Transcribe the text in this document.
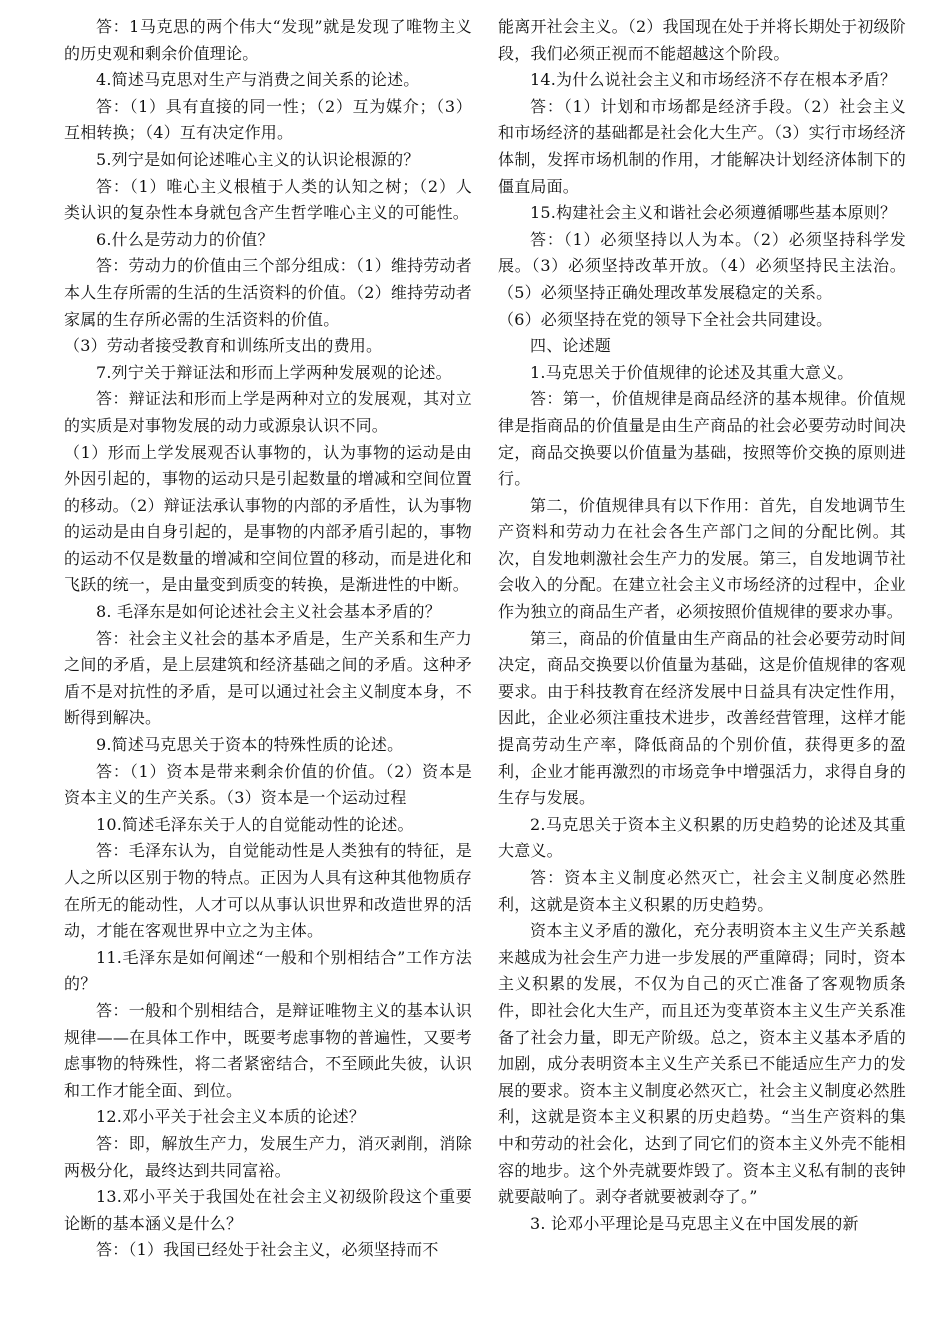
答：1马克思的两个伟大“发现”就是发现了唯物主义的历史观和剩余价值理论。

4.简述马克思对生产与消费之间关系的论述。

答：（1）具有直接的同一性；（2）互为媒介；（3）互相转换；（4）互有决定作用。

5.列宁是如何论述唯心主义的认识论根源的？

答：（1）唯心主义根植于人类的认知之树；（2）人类认识的复杂性本身就包含产生哲学唯心主义的可能性。

6.什么是劳动力的价值？

答：劳动力的价值由三个部分组成：（1）维持劳动者本人生存所需的生活的生活资料的价值。（2）维持劳动者家属的生存所必需的生活资料的价值。

（3）劳动者接受教育和训练所支出的费用。

7.列宁关于辩证法和形而上学两种发展观的论述。

答：辩证法和形而上学是两种对立的发展观，其对立的实质是对事物发展的动力或源泉认识不同。

（1）形而上学发展观否认事物的，认为事物的运动是由外因引起的，事物的运动只是引起数量的增减和空间位置的移动。（2）辩证法承认事物的内部的矛盾性，认为事物的运动是由自身引起的，是事物的内部矛盾引起的，事物的运动不仅是数量的增减和空间位置的移动，而是进化和飞跃的统一，是由量变到质变的转换，是渐进性的中断。

8. 毛泽东是如何论述社会主义社会基本矛盾的？

答：社会主义社会的基本矛盾是，生产关系和生产力之间的矛盾，是上层建筑和经济基础之间的矛盾。这种矛盾不是对抗性的矛盾，是可以通过社会主义制度本身，不断得到解决。

9.简述马克思关于资本的特殊性质的论述。

答：（1）资本是带来剩余价值的价值。（2）资本是资本主义的生产关系。（3）资本是一个运动过程

10.简述毛泽东关于人的自觉能动性的论述。

答：毛泽东认为，自觉能动性是人类独有的特征，是人之所以区别于物的特点。正因为人具有这种其他物质存在所无的能动性，人才可以从事认识世界和改造世界的活动，才能在客观世界中立之为主体。

11.毛泽东是如何阐述“一般和个别相结合”工作方法的？

答：一般和个别相结合，是辩证唯物主义的基本认识规律——在具体工作中，既要考虑事物的普遍性，又要考虑事物的特殊性，将二者紧密结合，不至顾此失彼，认识和工作才能全面、到位。

12.邓小平关于社会主义本质的论述？

答：即，解放生产力，发展生产力，消灭剥削，消除两极分化，最终达到共同富裕。

13.邓小平关于我国处在社会主义初级阶段这个重要论断的基本涵义是什么？

答：（1）我国已经处于社会主义，必须坚持而不

能离开社会主义。（2）我国现在处于并将长期处于初级阶段，我们必须正视而不能超越这个阶段。

14.为什么说社会主义和市场经济不存在根本矛盾？

答：（1）计划和市场都是经济手段。（2）社会主义和市场经济的基础都是社会化大生产。（3）实行市场经济体制，发挥市场机制的作用，才能解决计划经济体制下的僵直局面。

15.构建社会主义和谐社会必须遵循哪些基本原则？

答：（1）必须坚持以人为本。（2）必须坚持科学发展。（3）必须坚持改革开放。（4）必须坚持民主法治。（5）必须坚持正确处理改革发展稳定的关系。

（6）必须坚持在党的领导下全社会共同建设。

四、论述题

1.马克思关于价值规律的论述及其重大意义。

答：第一，价值规律是商品经济的基本规律。价值规律是指商品的价值量是由生产商品的社会必要劳动时间决定，商品交换要以价值量为基础，按照等价交换的原则进行。

第二，价值规律具有以下作用：首先，自发地调节生产资料和劳动力在社会各生产部门之间的分配比例。其次，自发地刺激社会生产力的发展。第三，自发地调节社会收入的分配。在建立社会主义市场经济的过程中，企业作为独立的商品生产者，必须按照价值规律的要求办事。

第三，商品的价值量由生产商品的社会必要劳动时间决定，商品交换要以价值量为基础，这是价值规律的客观要求。由于科技教育在经济发展中日益具有决定性作用，因此，企业必须注重技术进步，改善经营管理，这样才能提高劳动生产率，降低商品的个别价值，获得更多的盈利，企业才能再激烈的市场竞争中增强活力，求得自身的生存与发展。

2.马克思关于资本主义积累的历史趋势的论述及其重大意义。

答：资本主义制度必然灭亡，社会主义制度必然胜利，这就是资本主义积累的历史趋势。

资本主义矛盾的激化，充分表明资本主义生产关系越来越成为社会生产力进一步发展的严重障碍；同时，资本主义积累的发展，不仅为自己的灭亡准备了客观物质条件，即社会化大生产，而且还为变革资本主义生产关系准备了社会力量，即无产阶级。总之，资本主义基本矛盾的加剧，成分表明资本主义生产关系已不能适应生产力的发展的要求。资本主义制度必然灭亡，社会主义制度必然胜利，这就是资本主义积累的历史趋势。“当生产资料的集中和劳动的社会化，达到了同它们的资本主义外壳不能相容的地步。这个外壳就要炸毁了。资本主义私有制的丧钟就要敲响了。剥夺者就要被剥夺了。”

3. 论邓小平理论是马克思主义在中国发展的新
